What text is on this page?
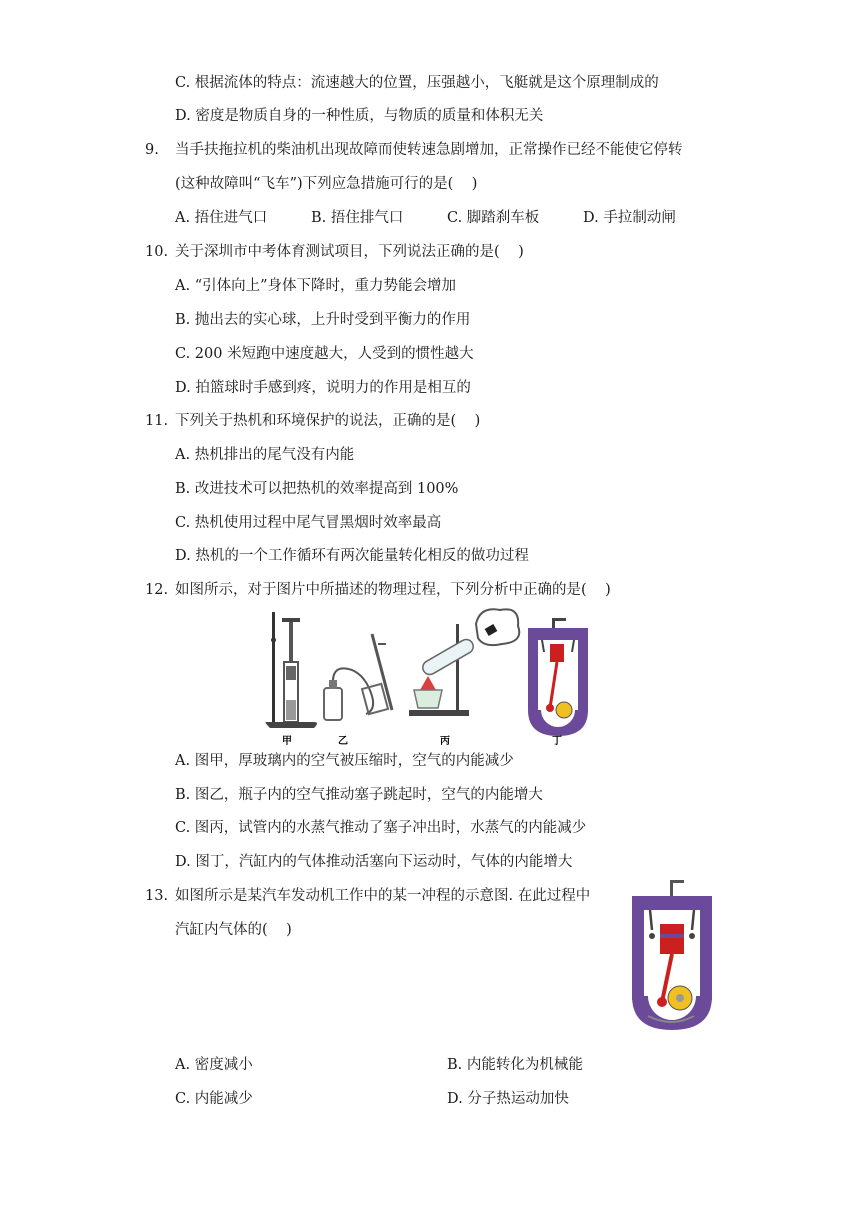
C. 根据流体的特点：流速越大的位置，压强越小，飞艇就是这个原理制成的
D. 密度是物质自身的一种性质，与物质的质量和体积无关
9. 当手扶拖拉机的柴油机出现故障而使转速急剧增加，正常操作已经不能使它停转
(这种故障叫“飞车”)下列应急措施可行的是(    )
A. 捂住进气口	B. 捂住排气口	C. 脚踏刹车板	D. 手拉制动闸
10. 关于深圳市中考体育测试项目，下列说法正确的是(    )
A. “引体向上”身体下降时，重力势能会增加
B. 抛出去的实心球，上升时受到平衡力的作用
C. 200 米短跑中速度越大，人受到的惯性越大
D. 拍篮球时手感到疼，说明力的作用是相互的
11. 下列关于热机和环境保护的说法，正确的是(    )
A. 热机排出的尾气没有内能
B. 改进技术可以把热机的效率提高到 100%
C. 热机使用过程中尾气冒黑烟时效率最高
D. 热机的一个工作循环有两次能量转化相反的做功过程
12. 如图所示，对于图片中所描述的物理过程，下列分析中正确的是(    )
甲	乙	丙	丁
A. 图甲，厚玻璃内的空气被压缩时，空气的内能减少
B. 图乙，瓶子内的空气推动塞子跳起时，空气的内能增大
C. 图丙，试管内的水蒸气推动了塞子冲出时，水蒸气的内能减少
D. 图丁，汽缸内的气体推动活塞向下运动时，气体的内能增大
13. 如图所示是某汽车发动机工作中的某一冲程的示意图. 在此过程中
汽缸内气体的(    )
A. 密度减小	B. 内能转化为机械能
C. 内能减少	D. 分子热运动加快
